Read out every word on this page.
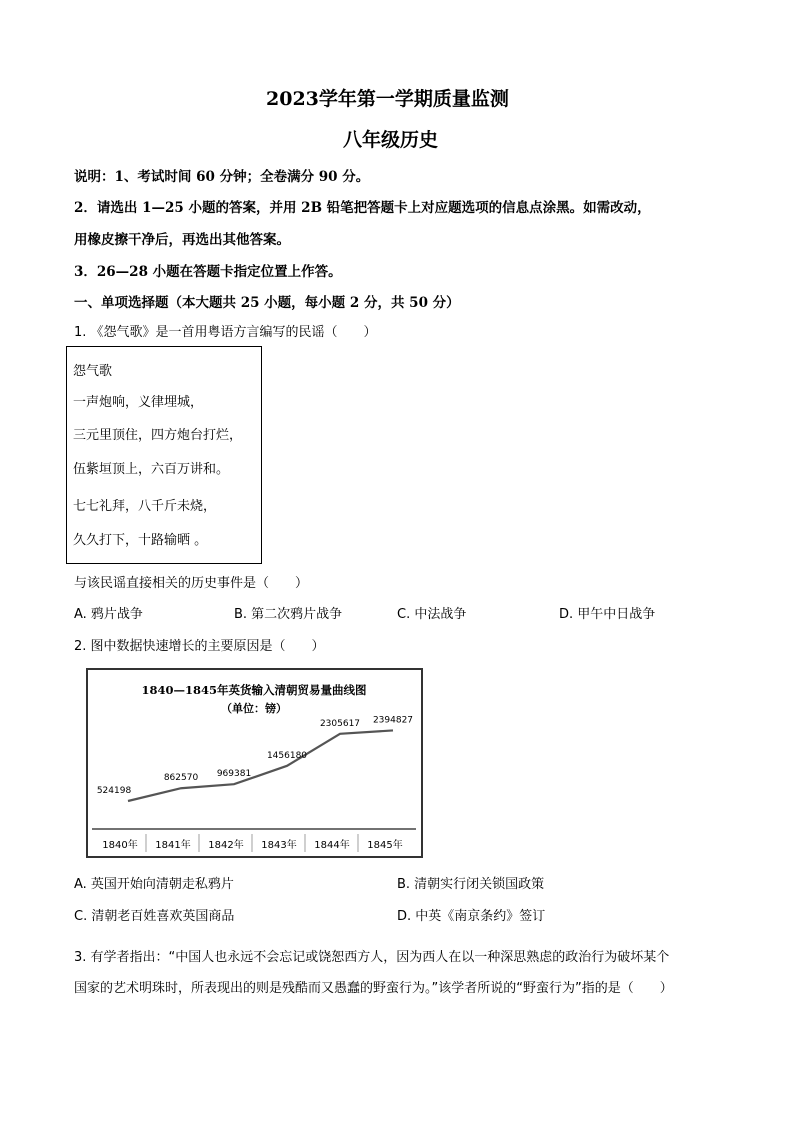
2023学年第一学期质量监测
八年级历史
说明：1、考试时间 60 分钟；全卷满分 90 分。
2．请选出 1—25 小题的答案，并用 2B 铅笔把答题卡上对应题选项的信息点涂黑。如需改动，
用橡皮擦干净后，再选出其他答案。
3．26—28 小题在答题卡指定位置上作答。
一、单项选择题（本大题共 25 小题，每小题 2 分，共 50 分）
1. 《怨气歌》是一首用粤语方言编写的民谣（　　）
怨气歌
一声炮响，义律埋城，
三元里顶住，四方炮台打烂，
伍紫垣顶上，六百万讲和。
七七礼拜，八千斤未烧，
久久打下，十路输晒 。
与该民谣直接相关的历史事件是（　　）
A. 鸦片战争	B. 第二次鸦片战争	C. 中法战争	D. 甲午中日战争
2. 图中数据快速增长的主要原因是（　　）
1840—1845年英货输入清朝贸易量曲线图
（单位：镑）
524198
862570 969381
1456180
2305617 2394827
1840年 1841年 1842年 1843年 1844年 1845年
A. 英国开始向清朝走私鸦片	B. 清朝实行闭关锁国政策
C. 清朝老百姓喜欢英国商品	D. 中英《南京条约》签订
3. 有学者指出：“中国人也永远不会忘记或饶恕西方人，因为西人在以一种深思熟虑的政治行为破坏某个
国家的艺术明珠时，所表现出的则是残酷而又愚蠢的野蛮行为。”该学者所说的“野蛮行为”指的是（　　）
